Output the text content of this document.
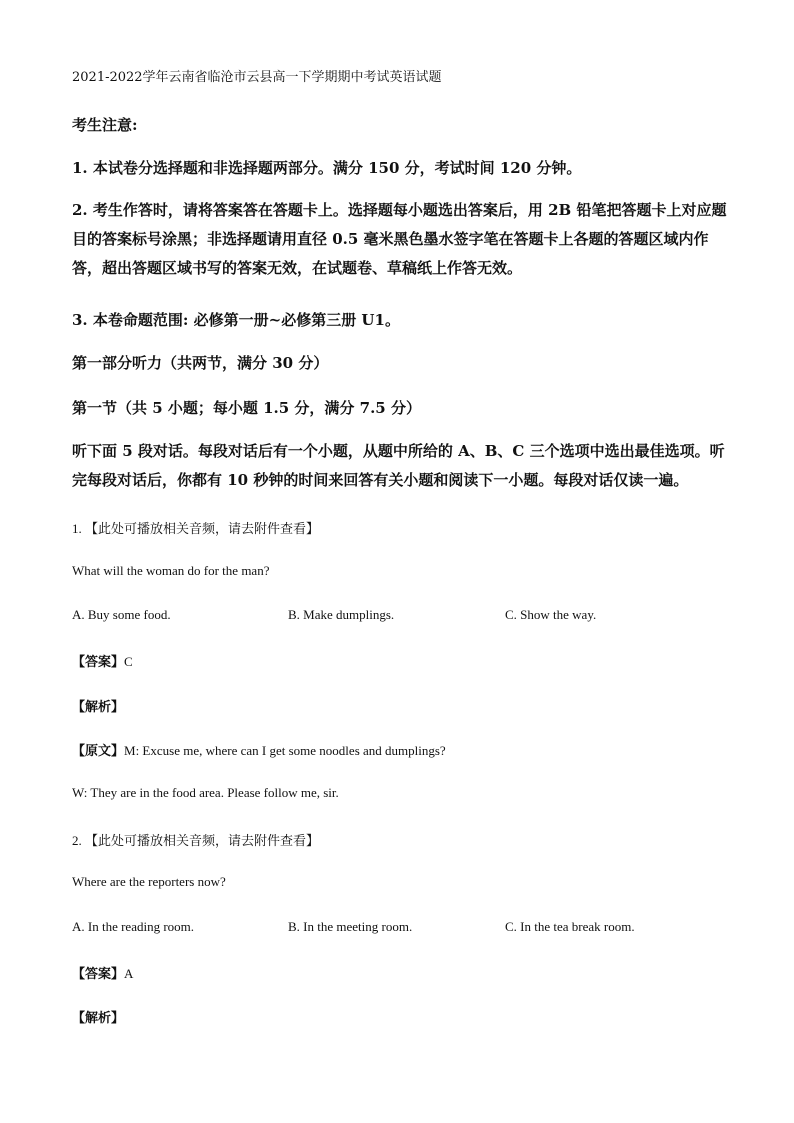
2021-2022学年云南省临沧市云县高一下学期期中考试英语试题
考生注意:
1. 本试卷分选择题和非选择题两部分。满分 150 分，考试时间 120 分钟。
2. 考生作答时，请将答案答在答题卡上。选择题每小题选出答案后，用 2B 铅笔把答题卡上对应题目的答案标号涂黑；非选择题请用直径 0.5 毫米黑色墨水签字笔在答题卡上各题的答题区域内作答，超出答题区域书写的答案无效，在试题卷、草稿纸上作答无效。
3. 本卷命题范围: 必修第一册~必修第三册 U1。
第一部分听力（共两节，满分 30 分）
第一节（共 5 小题；每小题 1.5 分，满分 7.5 分）
听下面 5 段对话。每段对话后有一个小题，从题中所给的 A、B、C 三个选项中选出最佳选项。听完每段对话后，你都有 10 秒钟的时间来回答有关小题和阅读下一小题。每段对话仅读一遍。
1. 【此处可播放相关音频，请去附件查看】
What will the woman do for the man?
A. Buy some food.	B. Make dumplings.	C. Show the way.
【答案】C
【解析】
【原文】M: Excuse me, where can I get some noodles and dumplings?
W: They are in the food area. Please follow me, sir.
2. 【此处可播放相关音频，请去附件查看】
Where are the reporters now?
A. In the reading room.	B. In the meeting room.	C. In the tea break room.
【答案】A
【解析】
